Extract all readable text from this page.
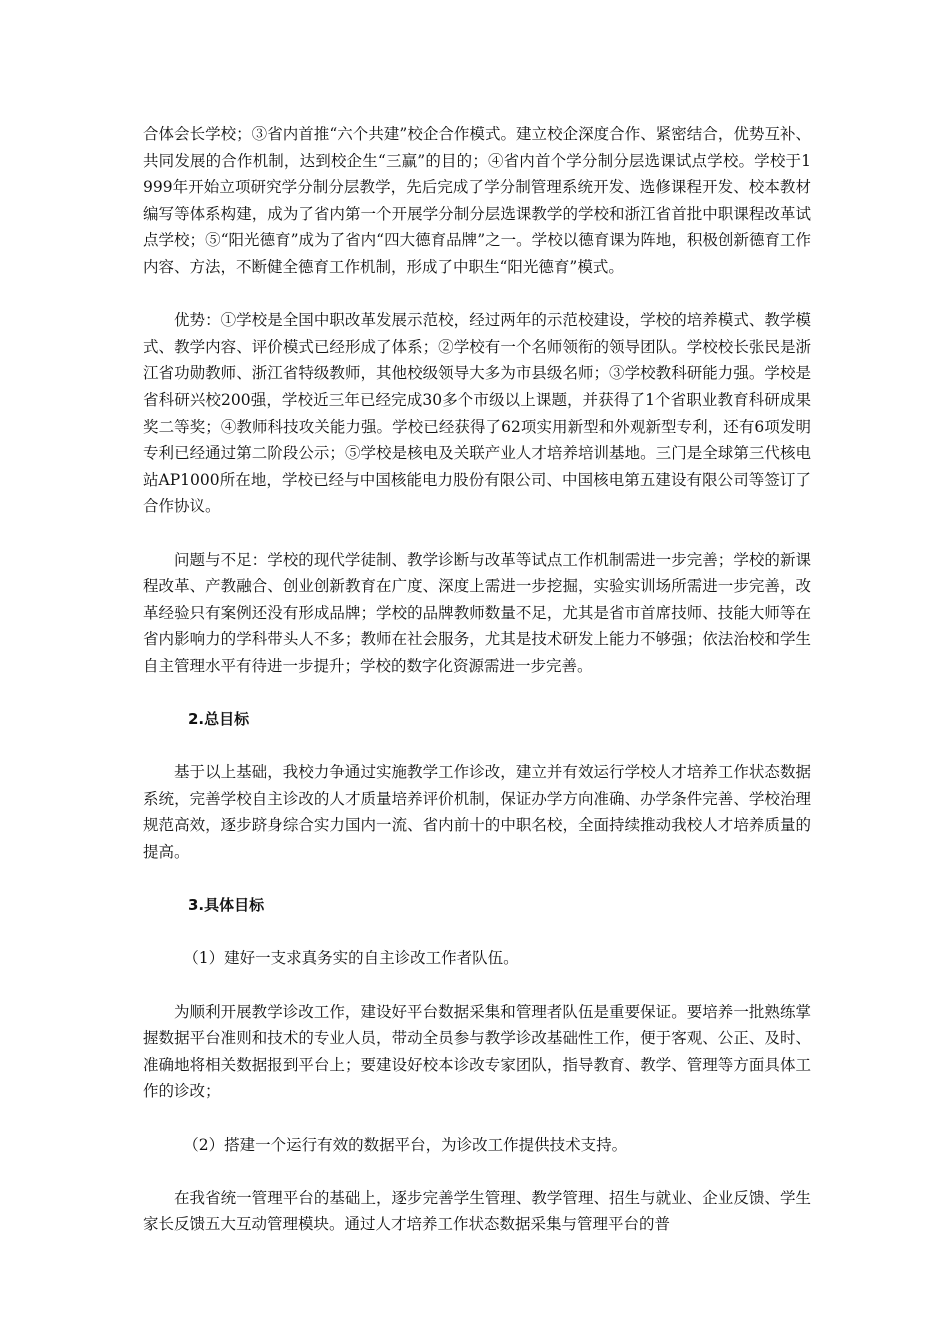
合体会长学校；③省内首推“六个共建”校企合作模式。建立校企深度合作、紧密结合，优势互补、共同发展的合作机制，达到校企生“三赢”的目的；④省内首个学分制分层选课试点学校。学校于1999年开始立项研究学分制分层教学，先后完成了学分制管理系统开发、选修课程开发、校本教材编写等体系构建，成为了省内第一个开展学分制分层选课教学的学校和浙江省首批中职课程改革试点学校；⑤“阳光德育”成为了省内“四大德育品牌”之一。学校以德育课为阵地，积极创新德育工作内容、方法，不断健全德育工作机制，形成了中职生“阳光德育”模式。

优势：①学校是全国中职改革发展示范校，经过两年的示范校建设，学校的培养模式、教学模式、教学内容、评价模式已经形成了体系；②学校有一个名师领衔的领导团队。学校校长张民是浙江省功勋教师、浙江省特级教师，其他校级领导大多为市县级名师；③学校教科研能力强。学校是省科研兴校200强，学校近三年已经完成30多个市级以上课题，并获得了1个省职业教育科研成果奖二等奖；④教师科技攻关能力强。学校已经获得了62项实用新型和外观新型专利，还有6项发明专利已经通过第二阶段公示；⑤学校是核电及关联产业人才培养培训基地。三门是全球第三代核电站AP1000所在地，学校已经与中国核能电力股份有限公司、中国核电第五建设有限公司等签订了合作协议。

问题与不足：学校的现代学徒制、教学诊断与改革等试点工作机制需进一步完善；学校的新课程改革、产教融合、创业创新教育在广度、深度上需进一步挖掘，实验实训场所需进一步完善，改革经验只有案例还没有形成品牌；学校的品牌教师数量不足，尤其是省市首席技师、技能大师等在省内影响力的学科带头人不多；教师在社会服务，尤其是技术研发上能力不够强；依法治校和学生自主管理水平有待进一步提升；学校的数字化资源需进一步完善。

2.总目标

基于以上基础，我校力争通过实施教学工作诊改，建立并有效运行学校人才培养工作状态数据系统，完善学校自主诊改的人才质量培养评价机制，保证办学方向准确、办学条件完善、学校治理规范高效，逐步跻身综合实力国内一流、省内前十的中职名校，全面持续推动我校人才培养质量的提高。

3.具体目标

（1）建好一支求真务实的自主诊改工作者队伍。

为顺利开展教学诊改工作，建设好平台数据采集和管理者队伍是重要保证。要培养一批熟练掌握数据平台准则和技术的专业人员，带动全员参与教学诊改基础性工作，便于客观、公正、及时、准确地将相关数据报到平台上；要建设好校本诊改专家团队，指导教育、教学、管理等方面具体工作的诊改；

（2）搭建一个运行有效的数据平台，为诊改工作提供技术支持。

在我省统一管理平台的基础上，逐步完善学生管理、教学管理、招生与就业、企业反馈、学生家长反馈五大互动管理模块。通过人才培养工作状态数据采集与管理平台的普
